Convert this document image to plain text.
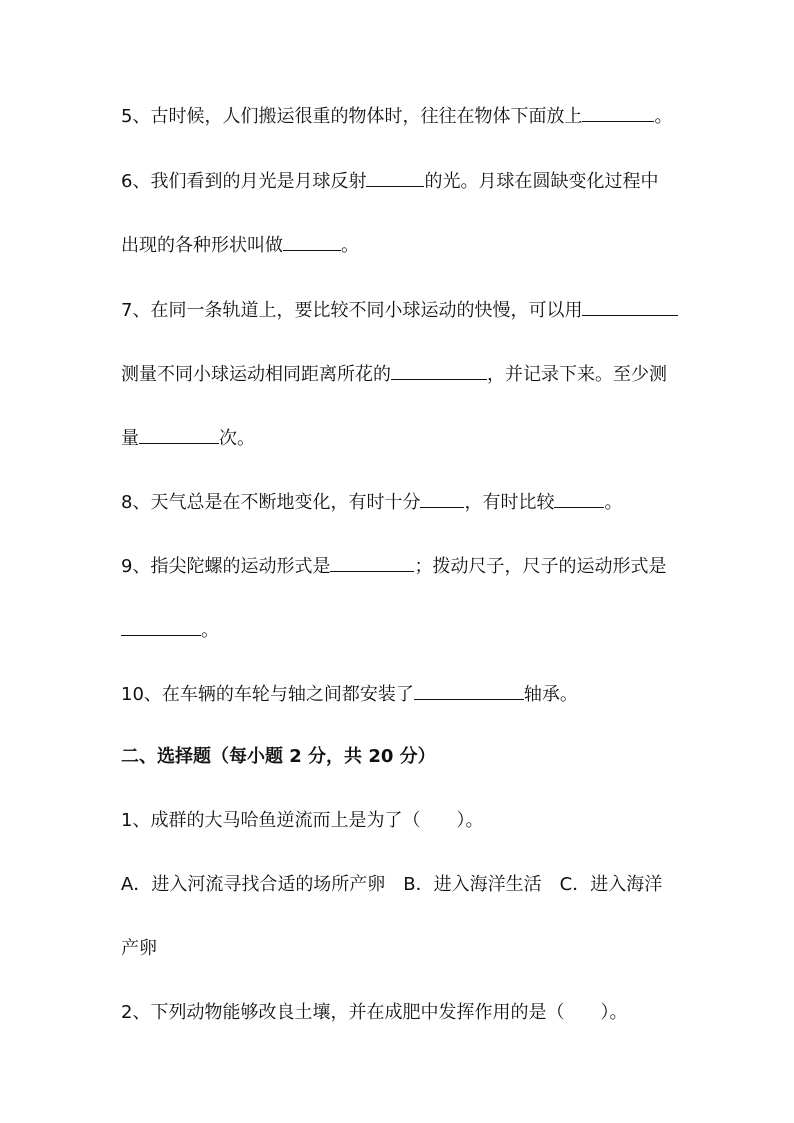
5、古时候，人们搬运很重的物体时，往往在物体下面放上	。
6、我们看到的月光是月球反射	的光。月球在圆缺变化过程中
出现的各种形状叫做	。
7、在同一条轨道上，要比较不同小球运动的快慢，可以用
测量不同小球运动相同距离所花的	，并记录下来。至少测
量	次。
8、天气总是在不断地变化，有时十分 ，有时比较	。
9、指尖陀螺的运动形式是	；拨动尺子，尺子的运动形式是
。
10、在车辆的车轮与轴之间都安装了	轴承。
二、选择题（每小题 2 分，共 20 分）
1、成群的大马哈鱼逆流而上是为了（ ）。
A．进入河流寻找合适的场所产卵　B．进入海洋生活　C．进入海洋
产卵
2、下列动物能够改良土壤，并在成肥中发挥作用的是（ ）。
